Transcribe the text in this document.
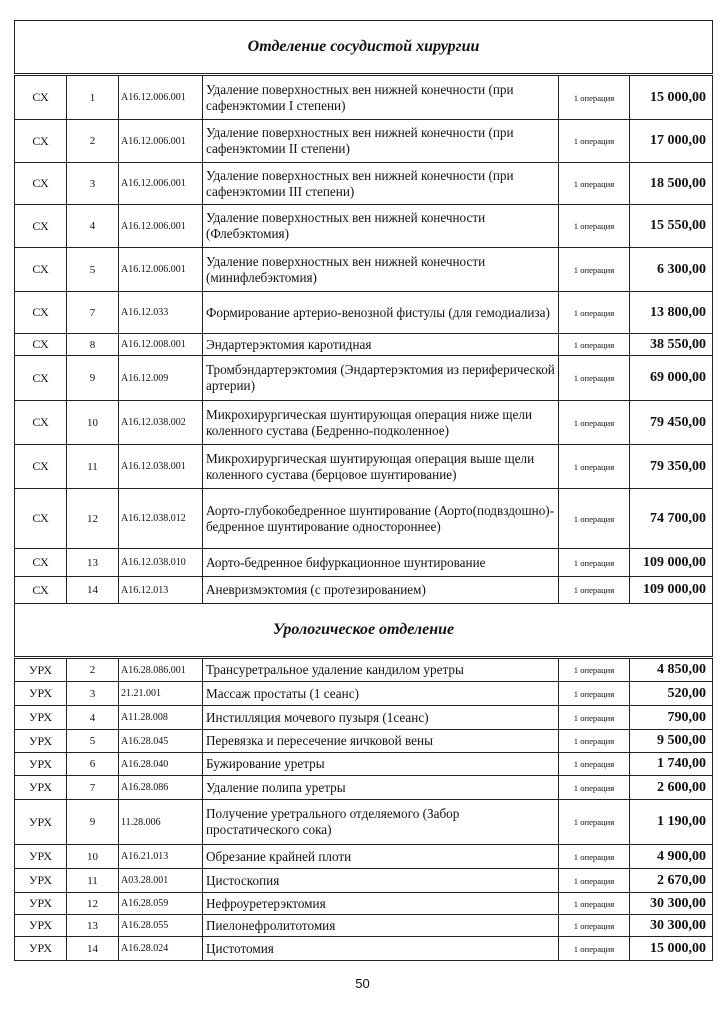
Отделение сосудистой хирургии					
СХ	1	А16.12.006.001	Удаление поверхностных вен нижней конечности (при сафенэктомии I степени)	1 операция	15 000,00
СХ	2	А16.12.006.001	Удаление поверхностных вен нижней конечности (при сафенэктомии II степени)	1 операция	17 000,00
СХ	3	А16.12.006.001	Удаление поверхностных вен нижней конечности (при сафенэктомии III степени)	1 операция	18 500,00
СХ	4	А16.12.006.001	Удаление поверхностных вен нижней конечности (Флебэктомия)	1 операция	15 550,00
СХ	5	А16.12.006.001	Удаление поверхностных вен нижней конечности (минифлебэктомия)	1 операция	6 300,00
СХ	7	А16.12.033	Формирование артерио-венозной фистулы (для гемодиализа)	1 операция	13 800,00
СХ	8	А16.12.008.001	Эндартерэктомия каротидная	1 операция	38 550,00
СХ	9	А16.12.009	Тромбэндартерэктомия (Эндартерэктомия из периферической артерии)	1 операция	69 000,00
СХ	10	А16.12.038.002	Микрохирургическая шунтирующая операция ниже щели коленного сустава (Бедренно-подколенное)	1 операция	79 450,00
СХ	11	А16.12.038.001	Микрохирургическая шунтирующая операция выше щели коленного сустава (берцовое шунтирование)	1 операция	79 350,00
СХ	12	А16.12.038.012	Аорто-глубокобедренное шунтирование (Аорто(подвздошно)-бедренное шунтирование одностороннее)	1 операция	74 700,00
СХ	13	А16.12.038.010	Аорто-бедренное бифуркационное шунтирование	1 операция	109 000,00
СХ	14	А16.12.013	Аневризмэктомия (с протезированием)	1 операция	109 000,00
Урологическое отделение					
УРХ	2	А16.28.086.001	Трансуретральное удаление кандилом уретры	1 операция	4 850,00
УРХ	3	21.21.001	Массаж простаты (1 сеанс)	1 операция	520,00
УРХ	4	А11.28.008	Инстилляция мочевого пузыря (1сеанс)	1 операция	790,00
УРХ	5	А16.28.045	Перевязка и пересечение яичковой вены	1 операция	9 500,00
УРХ	6	А16.28.040	Бужирование уретры	1 операция	1 740,00
УРХ	7	А16.28.086	Удаление полипа уретры	1 операция	2 600,00
УРХ	9	11.28.006	Получение уретрального отделяемого (Забор простатического сока)	1 операция	1 190,00
УРХ	10	А16.21.013	Обрезание крайней плоти	1 операция	4 900,00
УРХ	11	А03.28.001	Цистоскопия	1 операция	2 670,00
УРХ	12	А16.28.059	Нефроуретерэктомия	1 операция	30 300,00
УРХ	13	А16.28.055	Пиелонефролитотомия	1 операция	30 300,00
УРХ	14	А16.28.024	Цистотомия	1 операция	15 000,00
50
